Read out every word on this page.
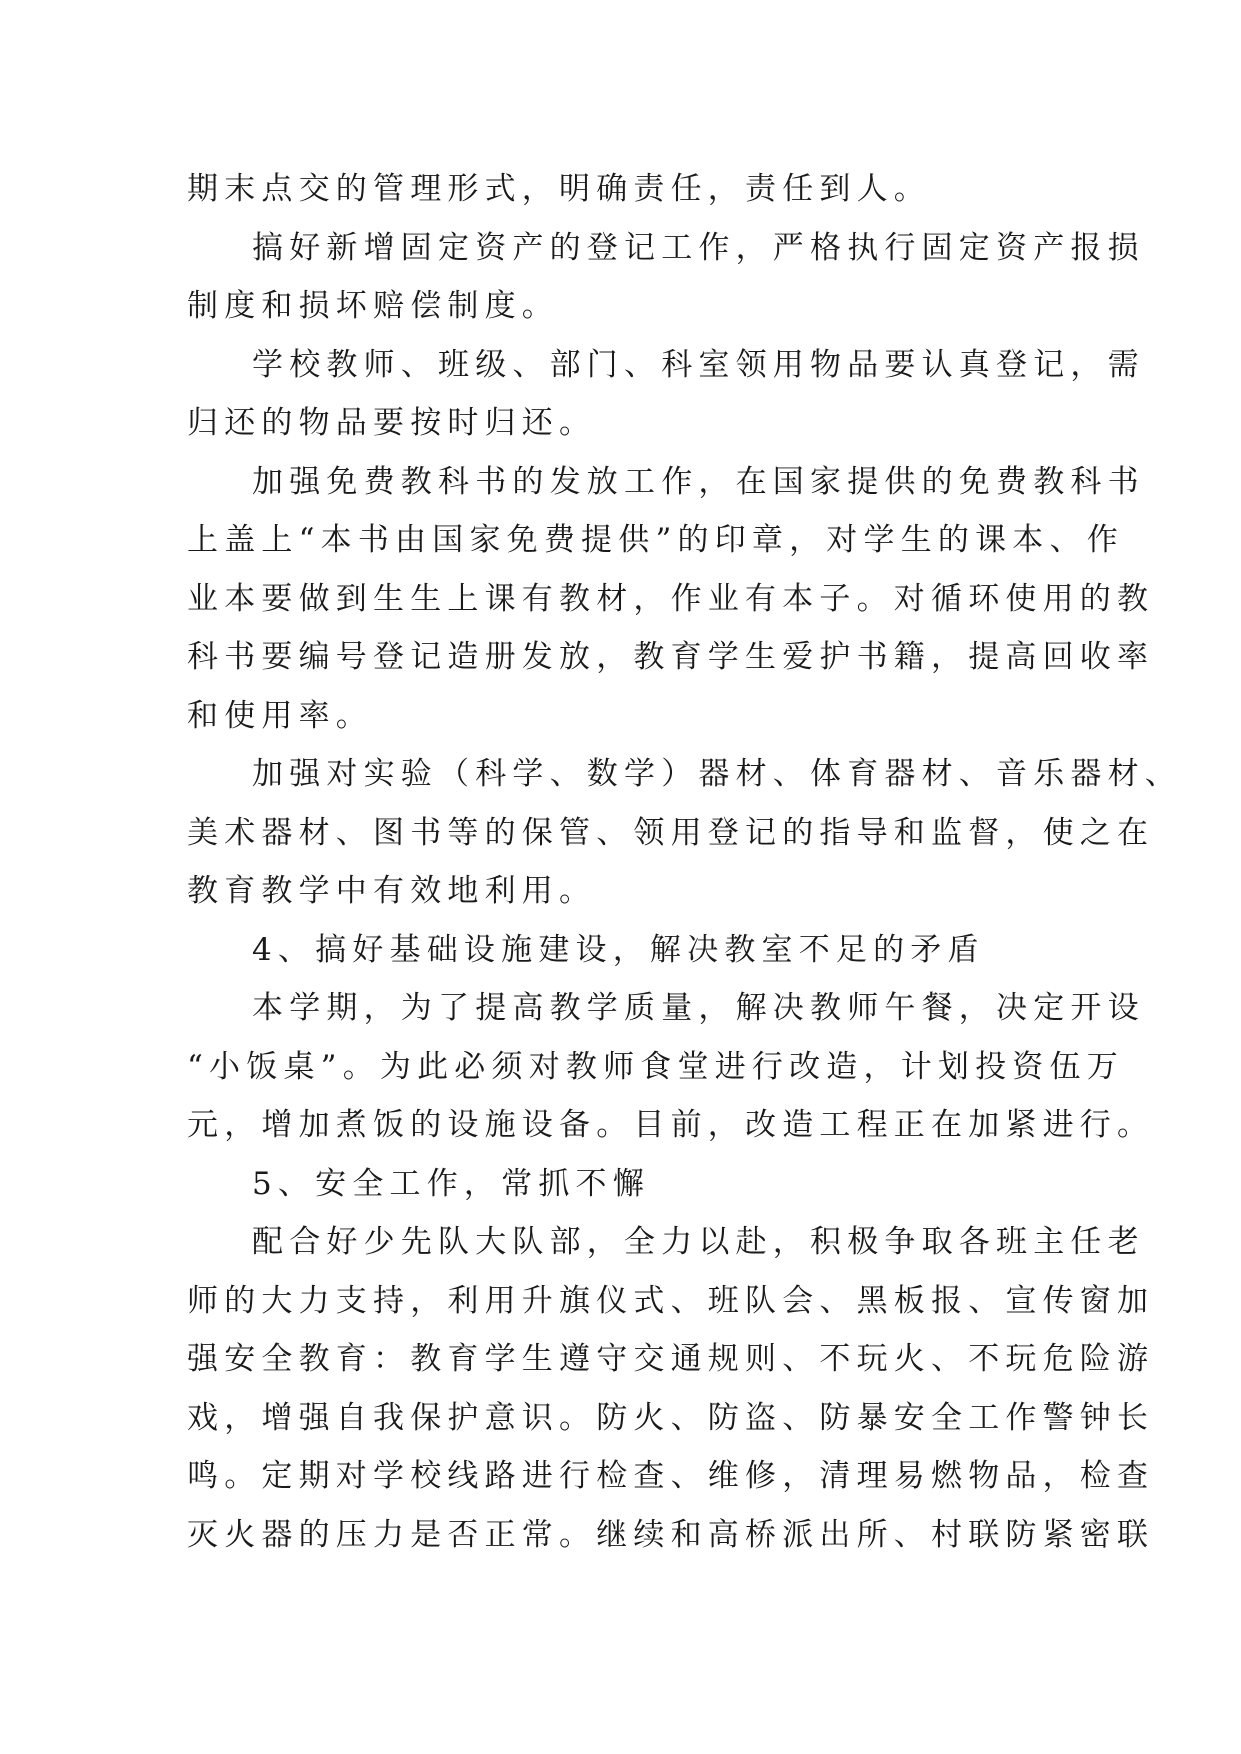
期末点交的管理形式，明确责任，责任到人。
搞好新增固定资产的登记工作，严格执行固定资产报损
制度和损坏赔偿制度。
学校教师、班级、部门、科室领用物品要认真登记，需
归还的物品要按时归还。
加强免费教科书的发放工作，在国家提供的免费教科书
上盖上“本书由国家免费提供”的印章，对学生的课本、作
业本要做到生生上课有教材，作业有本子。对循环使用的教
科书要编号登记造册发放，教育学生爱护书籍，提高回收率
和使用率。
加强对实验（科学、数学）器材、体育器材、音乐器材、
美术器材、图书等的保管、领用登记的指导和监督，使之在
教育教学中有效地利用。
4、搞好基础设施建设，解决教室不足的矛盾
本学期，为了提高教学质量，解决教师午餐，决定开设
“小饭桌”。为此必须对教师食堂进行改造，计划投资伍万
元，增加煮饭的设施设备。目前，改造工程正在加紧进行。
5、安全工作，常抓不懈
配合好少先队大队部，全力以赴，积极争取各班主任老
师的大力支持，利用升旗仪式、班队会、黑板报、宣传窗加
强安全教育：教育学生遵守交通规则、不玩火、不玩危险游
戏，增强自我保护意识。防火、防盗、防暴安全工作警钟长
鸣。定期对学校线路进行检查、维修，清理易燃物品，检查
灭火器的压力是否正常。继续和高桥派出所、村联防紧密联
